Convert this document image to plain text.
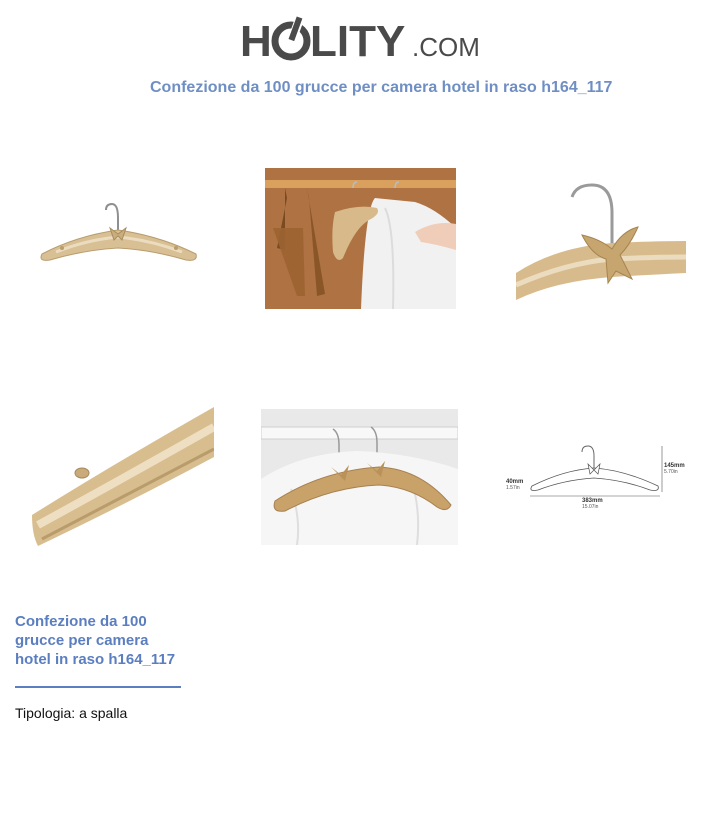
H LITY .COM
Confezione da 100 grucce per camera hotel in raso h164_117
145mm
5.70in
40mm
1.57in
383mm
15.07in
Confezione da 100 grucce per camera hotel in raso h164_117
Tipologia: a spalla
